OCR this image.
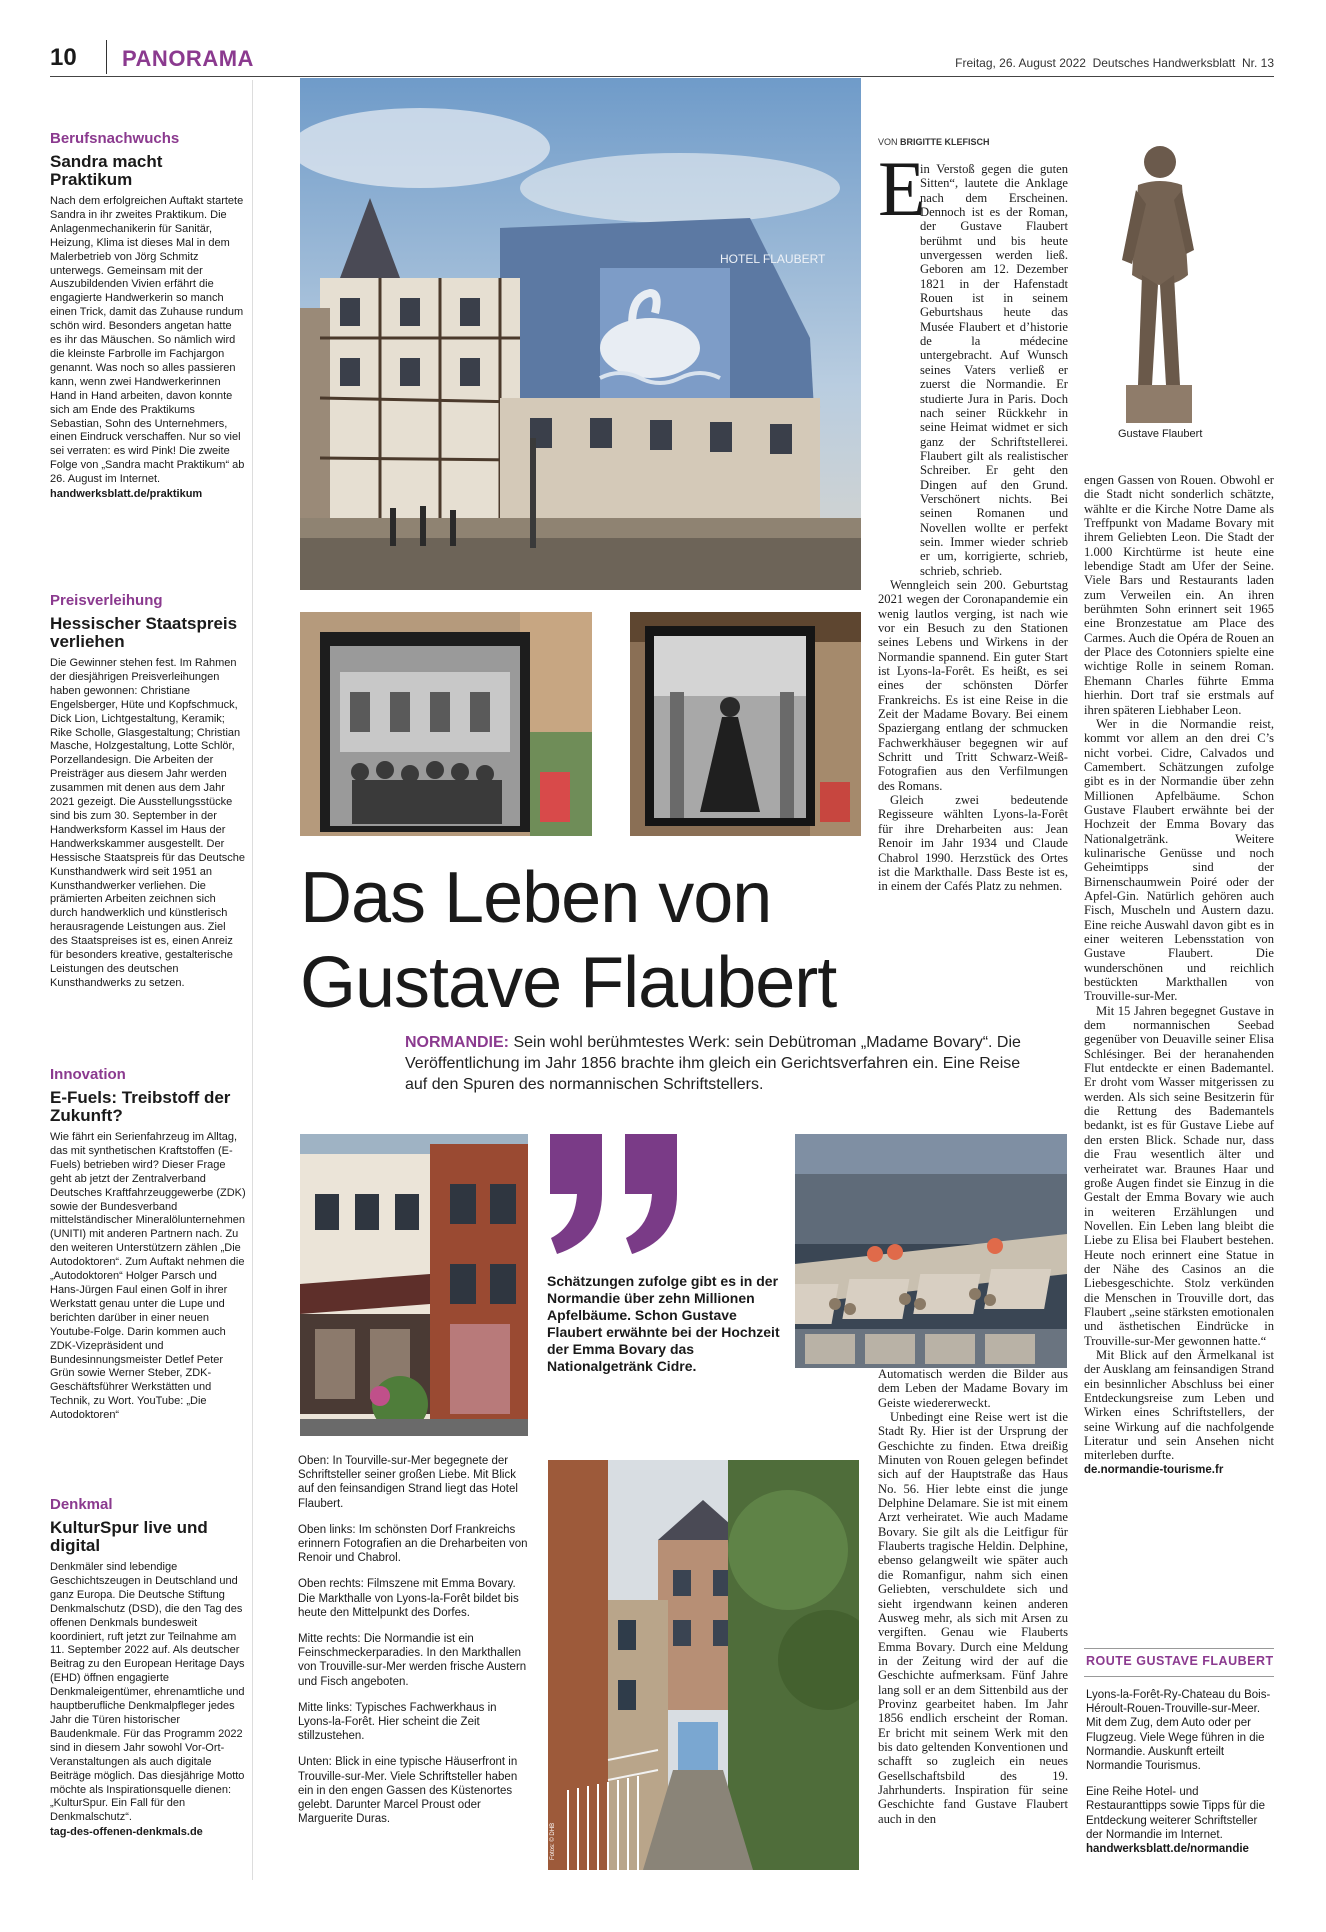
10 PANORAMA	Freitag, 26. August 2022  Deutsches Handwerksblatt  Nr. 13

Berufsnachwuchs

Sandra macht Praktikum

Nach dem erfolgreichen Auftakt startete Sandra in ihr zweites Praktikum. Die Anlagenmechanikerin für Sanitär, Heizung, Klima ist dieses Mal in dem Malerbetrieb von Jörg Schmitz unterwegs. Gemeinsam mit der Auszubildenden Vivien erfährt die engagierte Handwerkerin so manch einen Trick, damit das Zuhause rundum schön wird. Besonders angetan hatte es ihr das Mäuschen. So nämlich wird die kleinste Farbrolle im Fachjargon genannt. Was noch so alles passieren kann, wenn zwei Handwerkerinnen Hand in Hand arbeiten, davon konnte sich am Ende des Praktikums Sebastian, Sohn des Unternehmers, einen Eindruck verschaffen. Nur so viel sei verraten: es wird Pink! Die zweite Folge von „Sandra macht Praktikum“ ab 26. August im Internet.

handwerksblatt.de/praktikum

Preisverleihung

Hessischer Staatspreis verliehen

Die Gewinner stehen fest. Im Rahmen der diesjährigen Preisverleihungen haben gewonnen: Christiane Engelsberger, Hüte und Kopfschmuck, Dick Lion, Lichtgestaltung, Keramik; Rike Scholle, Glasgestaltung; Christian Masche, Holzgestaltung, Lotte Schlör, Porzellandesign. Die Arbeiten der Preisträger aus diesem Jahr werden zusammen mit denen aus dem Jahr 2021 gezeigt. Die Ausstellungsstücke sind bis zum 30. September in der Handwerksform Kassel im Haus der Handwerkskammer ausgestellt. Der Hessische Staatspreis für das Deutsche Kunsthandwerk wird seit 1951 an Kunsthandwerker verliehen. Die prämierten Arbeiten zeichnen sich durch handwerklich und künstlerisch herausragende Leistungen aus. Ziel des Staatspreises ist es, einen Anreiz für besonders kreative, gestalterische Leistungen des deutschen Kunsthandwerks zu setzen.

Innovation

E-Fuels: Treibstoff der Zukunft?

Wie fährt ein Serienfahrzeug im Alltag, das mit synthetischen Kraftstoffen (E-Fuels) betrieben wird? Dieser Frage geht ab jetzt der Zentralverband Deutsches Kraftfahrzeuggewerbe (ZDK) sowie der Bundesverband mittelständischer Mineralölunternehmen (UNITI) mit anderen Partnern nach. Zu den weiteren Unterstützern zählen „Die Autodoktoren“. Zum Auftakt nehmen die „Autodoktoren“ Holger Parsch und Hans-Jürgen Faul einen Golf in ihrer Werkstatt genau unter die Lupe und berichten darüber in einer neuen Youtube-Folge. Darin kommen auch ZDK-Vizepräsident und Bundesinnungsmeister Detlef Peter Grün sowie Werner Steber, ZDK-Geschäftsführer Werkstätten und Technik, zu Wort. YouTube: „Die Autodoktoren“

Denkmal

KulturSpur live und digital

Denkmäler sind lebendige Geschichtszeugen in Deutschland und ganz Europa. Die Deutsche Stiftung Denkmalschutz (DSD), die den Tag des offenen Denkmals bundesweit koordiniert, ruft jetzt zur Teilnahme am 11. September 2022 auf. Als deutscher Beitrag zu den European Heritage Days (EHD) öffnen engagierte Denkmaleigentümer, ehrenamtliche und hauptberufliche Denkmalpfleger jedes Jahr die Türen historischer Baudenkmale. Für das Programm 2022 sind in diesem Jahr sowohl Vor-Ort-Veranstaltungen als auch digitale Beiträge möglich. Das diesjährige Motto möchte als Inspirationsquelle dienen: „KulturSpur. Ein Fall für den Denkmalschutz“.

tag-des-offenen-denkmals.de

HOTEL FLAUBERT
Das Leben von Gustave Flaubert
NORMANDIE: Sein wohl berühmtestes Werk: sein Debütroman „Madame Bovary“. Die Veröffentlichung im Jahr 1856 brachte ihm gleich ein Gerichtsverfahren ein. Eine Reise auf den Spuren des normannischen Schriftstellers.
Schätzungen zufolge gibt es in der Normandie über zehn Millionen Apfelbäume. Schon Gustave Flaubert erwähnte bei der Hochzeit der Emma Bovary das Nationalgetränk Cidre.

Oben: In Tourville-sur-Mer begegnete der Schriftsteller seiner großen Liebe. Mit Blick auf den feinsandigen Strand liegt das Hotel Flaubert.

Oben links: Im schönsten Dorf Frankreichs erinnern Fotografien an die Dreharbeiten von Renoir und Chabrol.

Oben rechts: Filmszene mit Emma Bovary. Die Markthalle von Lyons-la-Forêt bildet bis heute den Mittelpunkt des Dorfes.

Mitte rechts: Die Normandie ist ein Feinschmeckerparadies. In den Markthallen von Trouville-sur-Mer werden frische Austern und Fisch angeboten.

Mitte links: Typisches Fachwerkhaus in Lyons-la-Forêt. Hier scheint die Zeit stillzustehen.

Unten: Blick in eine typische Häuserfront in Trouville-sur-Mer. Viele Schriftsteller haben ein in den engen Gassen des Küstenortes gelebt. Darunter Marcel Proust oder Marguerite Duras.

Fotos: © DHB
VON BRIGITTE KLEFISCH
E

in Verstoß gegen die guten Sitten“, lautete die Anklage nach dem Erscheinen. Dennoch ist es der Roman, der Gustave Flaubert berühmt und bis heute unvergessen werden ließ. Geboren am 12. Dezember 1821 in der Hafenstadt Rouen ist in seinem Geburtshaus heute das Musée Flaubert et d’historie de la médecine untergebracht. Auf Wunsch seines Vaters verließ er zuerst die Normandie. Er studierte Jura in Paris. Doch nach seiner Rückkehr in seine Heimat widmet er sich ganz der Schriftstellerei. Flaubert gilt als realistischer Schreiber. Er geht den Dingen auf den Grund. Verschönert nichts. Bei seinen Romanen und Novellen wollte er perfekt sein. Immer wieder schrieb er um, korrigierte, schrieb, schrieb, schrieb.

Wenngleich sein 200. Geburtstag 2021 wegen der Coronapandemie ein wenig lautlos verging, ist nach wie vor ein Besuch zu den Stationen seines Lebens und Wirkens in der Normandie spannend. Ein guter Start ist Lyons-la-Forêt. Es heißt, es sei eines der schönsten Dörfer Frankreichs. Es ist eine Reise in die Zeit der Madame Bovary. Bei einem Spaziergang entlang der schmucken Fachwerkhäuser begegnen wir auf Schritt und Tritt Schwarz-Weiß-Fotografien aus den Verfilmungen des Romans.

Gleich zwei bedeutende Regisseure wählten Lyons-la-Forêt für ihre Dreharbeiten aus: Jean Renoir im Jahr 1934 und Claude Chabrol 1990. Herzstück des Ortes ist die Markthalle. Dass Beste ist es, in einem der Cafés Platz zu nehmen.

Gustave Flaubert

engen Gassen von Rouen. Obwohl er die Stadt nicht sonderlich schätzte, wählte er die Kirche Notre Dame als Treffpunkt von Madame Bovary mit ihrem Geliebten Leon. Die Stadt der 1.000 Kirchtürme ist heute eine lebendige Stadt am Ufer der Seine. Viele Bars und Restaurants laden zum Verweilen ein. An ihren berühmten Sohn erinnert seit 1965 eine Bronzestatue am Place des Carmes. Auch die Opéra de Rouen an der Place des Cotonniers spielte eine wichtige Rolle in seinem Roman. Ehemann Charles führte Emma hierhin. Dort traf sie erstmals auf ihren späteren Liebhaber Leon.

Wer in die Normandie reist, kommt vor allem an den drei C’s nicht vorbei. Cidre, Calvados und Camembert. Schätzungen zufolge gibt es in der Normandie über zehn Millionen Apfelbäume. Schon Gustave Flaubert erwähnte bei der Hochzeit der Emma Bovary das Nationalgetränk. Weitere kulinarische Genüsse und noch Geheimtipps sind der Birnenschaumwein Poiré oder der Apfel-Gin. Natürlich gehören auch Fisch, Muscheln und Austern dazu. Eine reiche Auswahl davon gibt es in einer weiteren Lebensstation von Gustave Flaubert. Die wunderschönen und reichlich bestückten Markthallen von Trouville-sur-Mer.

Mit 15 Jahren begegnet Gustave in dem normannischen Seebad gegenüber von Deuaville seiner Elisa Schlésinger. Bei der heranahenden Flut entdeckte er einen Bademantel. Er droht vom Wasser mitgerissen zu werden. Als sich seine Besitzerin für die Rettung des Bademantels bedankt, ist es für Gustave Liebe auf den ersten Blick. Schade nur, dass die Frau wesentlich älter und verheiratet war. Braunes Haar und große Augen findet sie Einzug in die Gestalt der Emma Bovary wie auch in weiteren Erzählungen und Novellen. Ein Leben lang bleibt die Liebe zu Elisa bei Flaubert bestehen. Heute noch erinnert eine Statue in der Nähe des Casinos an die Liebesgeschichte. Stolz verkünden die Menschen in Trouville dort, das Flaubert „seine stärksten emotionalen und ästhetischen Eindrücke in Trouville-sur-Mer gewonnen hatte.“

Mit Blick auf den Ärmelkanal ist der Ausklang am feinsandigen Strand ein besinnlicher Abschluss bei einer Entdeckungsreise zum Leben und Wirken eines Schriftstellers, der seine Wirkung auf die nachfolgende Literatur und sein Ansehen nicht miterleben durfte.

de.normandie-tourisme.fr

Automatisch werden die Bilder aus dem Leben der Madame Bovary im Geiste wiedererweckt.

Unbedingt eine Reise wert ist die Stadt Ry. Hier ist der Ursprung der Geschichte zu finden. Etwa dreißig Minuten von Rouen gelegen befindet sich auf der Hauptstraße das Haus No. 56. Hier lebte einst die junge Delphine Delamare. Sie ist mit einem Arzt verheiratet. Wie auch Madame Bovary. Sie gilt als die Leitfigur für Flauberts tragische Heldin. Delphine, ebenso gelangweilt wie später auch die Romanfigur, nahm sich einen Geliebten, verschuldete sich und sieht irgendwann keinen anderen Ausweg mehr, als sich mit Arsen zu vergiften. Genau wie Flauberts Emma Bovary. Durch eine Meldung in der Zeitung wird der auf die Geschichte aufmerksam. Fünf Jahre lang soll er an dem Sittenbild aus der Provinz gearbeitet haben. Im Jahr 1856 endlich erscheint der Roman. Er bricht mit seinem Werk mit den bis dato geltenden Konventionen und schafft so zugleich ein neues Gesellschaftsbild des 19. Jahrhunderts. Inspiration für seine Geschichte fand Gustave Flaubert auch in den

ROUTE GUSTAVE FLAUBERT

Lyons-la-Forêt-Ry-Chateau du Bois-Héroult-Rouen-Trouville-sur-Meer. Mit dem Zug, dem Auto oder per Flugzeug. Viele Wege führen in die Normandie. Auskunft erteilt Normandie Tourismus.

Eine Reihe Hotel- und Restauranttipps sowie Tipps für die Entdeckung weiterer Schriftsteller der Normandie im Internet.

handwerksblatt.de/normandie
